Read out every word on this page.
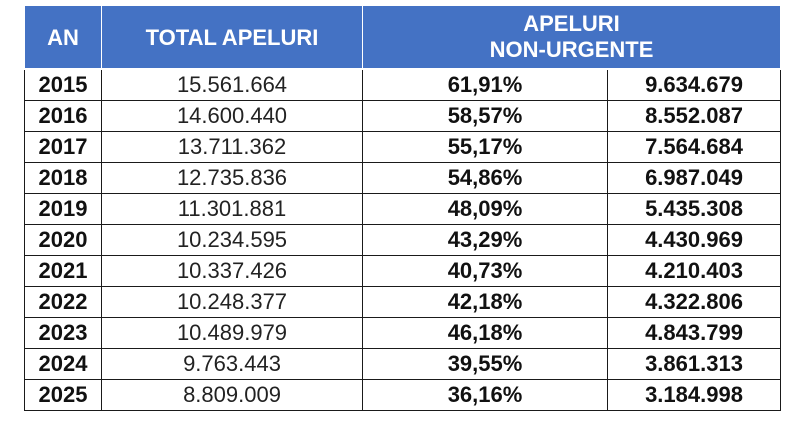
AN	TOTAL APELURI	APELURI
NON-URGENTE	

2015	15.561.664	61,91%	9.634.679
2016	14.600.440	58,57%	8.552.087
2017	13.711.362	55,17%	7.564.684
2018	12.735.836	54,86%	6.987.049
2019	11.301.881	48,09%	5.435.308
2020	10.234.595	43,29%	4.430.969
2021	10.337.426	40,73%	4.210.403
2022	10.248.377	42,18%	4.322.806
2023	10.489.979	46,18%	4.843.799
2024	9.763.443	39,55%	3.861.313
2025	8.809.009	36,16%	3.184.998
